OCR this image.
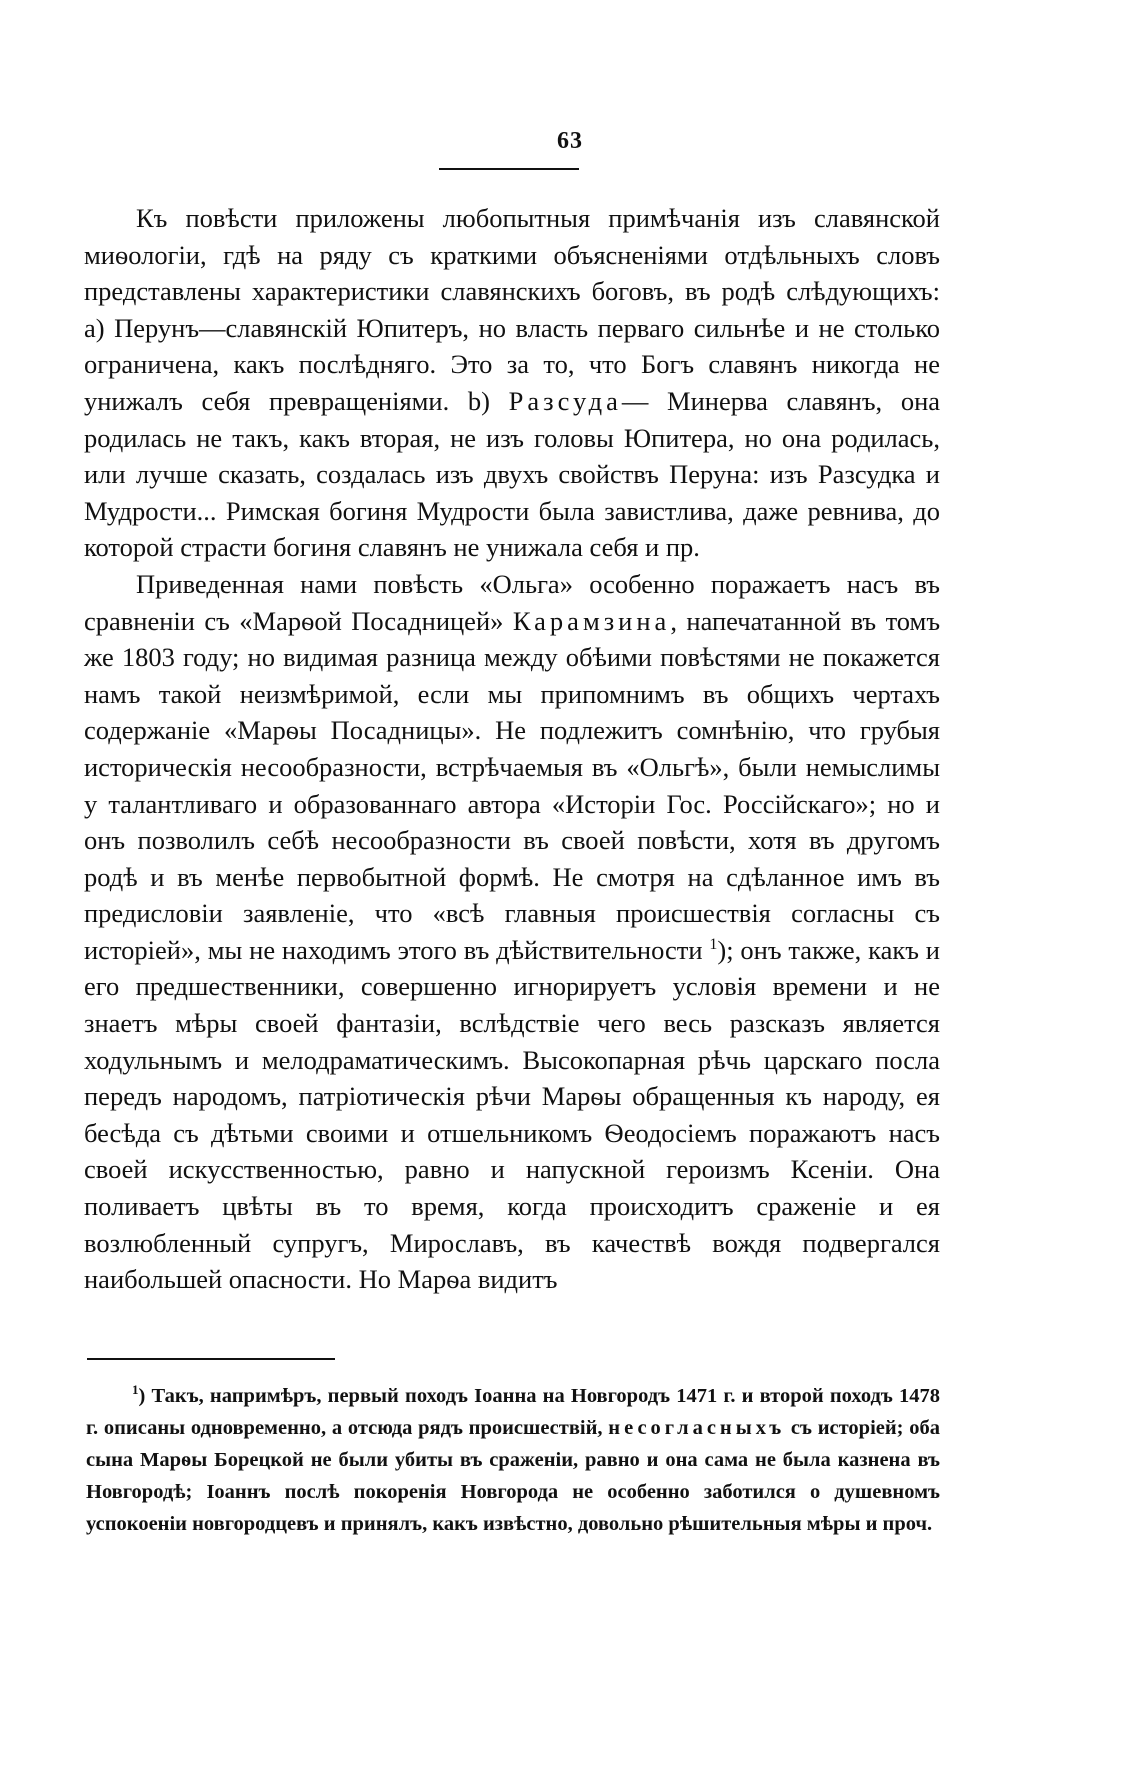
63

Къ повѣсти приложены любопытныя примѣчанія изъ славянской миѳологіи, гдѣ на ряду съ краткими объясненіями отдѣльныхъ словъ представлены характеристики славянскихъ боговъ, въ родѣ слѣдующихъ: а) Перунъ—славянскій Юпитеръ, но власть перваго сильнѣе и не столько ограничена, какъ послѣдняго. Это за то, что Богъ славянъ никогда не унижалъ себя превращеніями. b) Разсуда— Минерва славянъ, она родилась не такъ, какъ вторая, не изъ головы Юпитера, но она родилась, или лучше сказать, создалась изъ двухъ свойствъ Перуна: изъ Разсудка и Мудрости... Римская богиня Мудрости была завистлива, даже ревнива, до которой страсти богиня славянъ не унижала себя и пр.

Приведенная нами повѣсть «Ольга» особенно поражаетъ насъ въ сравненіи съ «Марѳой Посадницей» Карамзина, напечатанной въ томъ же 1803 году; но видимая разница между обѣими повѣстями не покажется намъ такой неизмѣримой, если мы припомнимъ въ общихъ чертахъ содержаніе «Марѳы Посадницы». Не подлежитъ сомнѣнію, что грубыя историческія несообразности, встрѣчаемыя въ «Ольгѣ», были немыслимы у талантливаго и образованнаго автора «Исторіи Гос. Россійскаго»; но и онъ позволилъ себѣ несообразности въ своей повѣсти, хотя въ другомъ родѣ и въ менѣе первобытной формѣ. Не смотря на сдѣланное имъ въ предисловіи заявленіе, что «всѣ главныя происшествія согласны съ исторіей», мы не находимъ этого въ дѣйствительности $^1$); онъ также, какъ и его предшественники, совершенно игнорируетъ условія времени и не знаетъ мѣры своей фантазіи, вслѣдствіе чего весь разсказъ является ходульнымъ и мелодраматическимъ. Высокопарная рѣчь царскаго посла передъ народомъ, патріотическія рѣчи Марѳы обращенныя къ народу, ея бесѣда съ дѣтьми своими и отшельникомъ Ѳеодосіемъ поражаютъ насъ своей искусственностью, равно и напускной героизмъ Ксеніи. Она поливаетъ цвѣты въ то время, когда происходитъ сраженіе и ея возлюбленный супругъ, Мирославъ, въ качествѣ вождя подвергался наибольшей опасности. Но Марѳа видитъ

$^1$) Такъ, напримѣръ, первый походъ Іоанна на Новгородъ 1471 г. и второй походъ 1478 г. описаны одновременно, а отсюда рядъ происшествій, несогласныхъ съ исторіей; оба сына Марѳы Борецкой не были убиты въ сраженіи, равно и она сама не была казнена въ Новгородѣ; Іоаннъ послѣ покоренія Новгорода не особенно заботился о душевномъ успокоеніи новгородцевъ и принялъ, какъ извѣстно, довольно рѣшительныя мѣры и проч.
